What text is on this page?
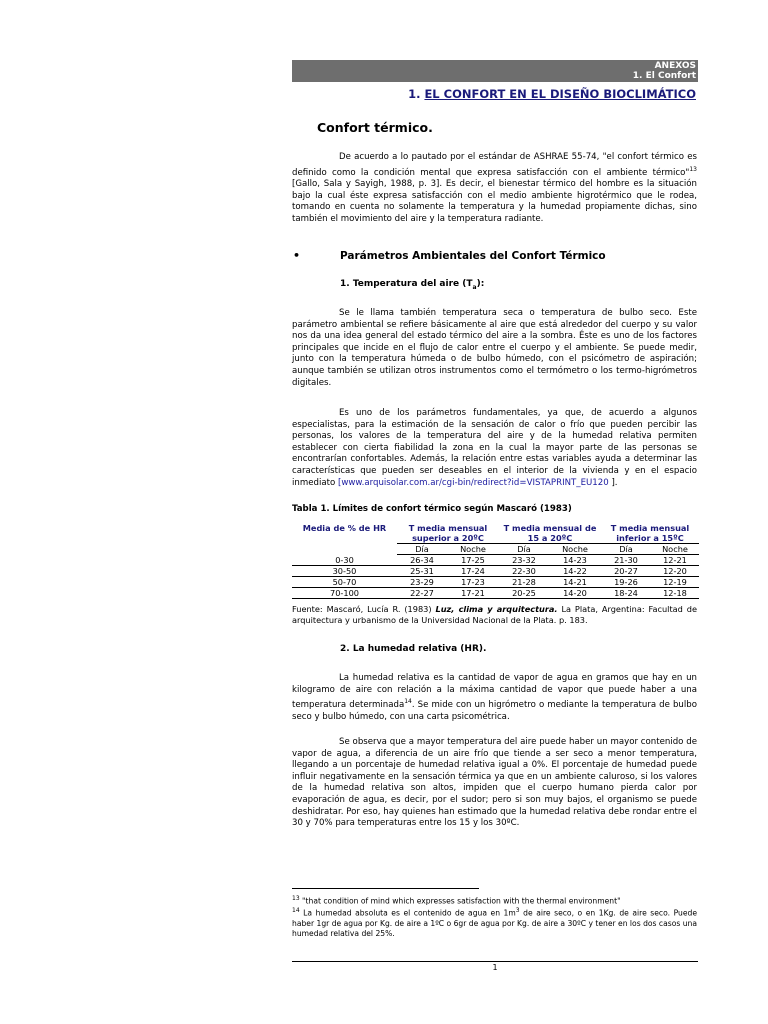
ANEXOS
1. El Confort
1. EL CONFORT EN EL DISEÑO BIOCLIMÁTICO
Confort térmico.

De acuerdo a lo pautado por el estándar de ASHRAE 55-74, "el confort térmico es definido como la condición mental que expresa satisfacción con el ambiente térmico"$^{13}$ [Gallo, Sala y Sayigh, 1988, p. 3]. Es decir, el bienestar térmico del hombre es la situación bajo la cual éste expresa satisfacción con el medio ambiente higrotérmico que le rodea, tomando en cuenta no solamente la temperatura y la humedad propiamente dichas, sino también el movimiento del aire y la temperatura radiante.

•	Parámetros Ambientales del Confort Térmico
1. Temperatura del aire $(T_a)$:

Se le llama también temperatura seca o temperatura de bulbo seco. Este parámetro ambiental se refiere básicamente al aire que está alrededor del cuerpo y su valor nos da una idea general del estado térmico del aire a la sombra. Éste es uno de los factores principales que incide en el flujo de calor entre el cuerpo y el ambiente. Se puede medir, junto con la temperatura húmeda o de bulbo húmedo, con el psicómetro de aspiración; aunque también se utilizan otros instrumentos como el termómetro o los termo-higrómetros digitales.

Es uno de los parámetros fundamentales, ya que, de acuerdo a algunos especialistas, para la estimación de la sensación de calor o frío que pueden percibir las personas, los valores de la temperatura del aire y de la humedad relativa permiten establecer con cierta fiabilidad la zona en la cual la mayor parte de las personas se encontrarían confortables. Además, la relación entre estas variables ayuda a determinar las características que pueden ser deseables en el interior de la vivienda y en el espacio inmediato [www.arquisolar.com.ar/cgi-bin/redirect?id=VISTAPRINT_EU120 ].

Tabla 1. Límites de confort térmico según Mascaró (1983)
Media de % de HR	T media mensual superior a 20ºC		T media mensual de 15 a 20ºC		T media mensual inferior a 15ºC	
	Día	Noche	Día	Noche	Día	Noche
0-30	26-34	17-25	23-32	14-23	21-30	12-21
30-50	25-31	17-24	22-30	14-22	20-27	12-20
50-70	23-29	17-23	21-28	14-21	19-26	12-19
70-100	22-27	17-21	20-25	14-20	18-24	12-18
Fuente: Mascaró, Lucía R. (1983) Luz, clima y arquitectura. La Plata, Argentina: Facultad de arquitectura y urbanismo de la Universidad Nacional de la Plata. p. 183.
2. La humedad relativa (HR).

La humedad relativa es la cantidad de vapor de agua en gramos que hay en un kilogramo de aire con relación a la máxima cantidad de vapor que puede haber a una temperatura determinada$^{14}$. Se mide con un higrómetro o mediante la temperatura de bulbo seco y bulbo húmedo, con una carta psicométrica.

Se observa que a mayor temperatura del aire puede haber un mayor contenido de vapor de agua, a diferencia de un aire frío que tiende a ser seco a menor temperatura, llegando a un porcentaje de humedad relativa igual a 0%. El porcentaje de humedad puede influir negativamente en la sensación térmica ya que en un ambiente caluroso, si los valores de la humedad relativa son altos, impiden que el cuerpo humano pierda calor por evaporación de agua, es decir, por el sudor; pero si son muy bajos, el organismo se puede deshidratar. Por eso, hay quienes han estimado que la humedad relativa debe rondar entre el 30 y 70% para temperaturas entre los 15 y los 30ºC.

$^{13}$ "that condition of mind which expresses satisfaction with the thermal environment"
$^{14}$ La humedad absoluta es el contenido de agua en $1m^3$ de aire seco, o en 1Kg. de aire seco. Puede haber 1gr de agua por Kg. de aire a 1ºC o 6gr de agua por Kg. de aire a 30ºC y tener en los dos casos una humedad relativa del 25%.
1
